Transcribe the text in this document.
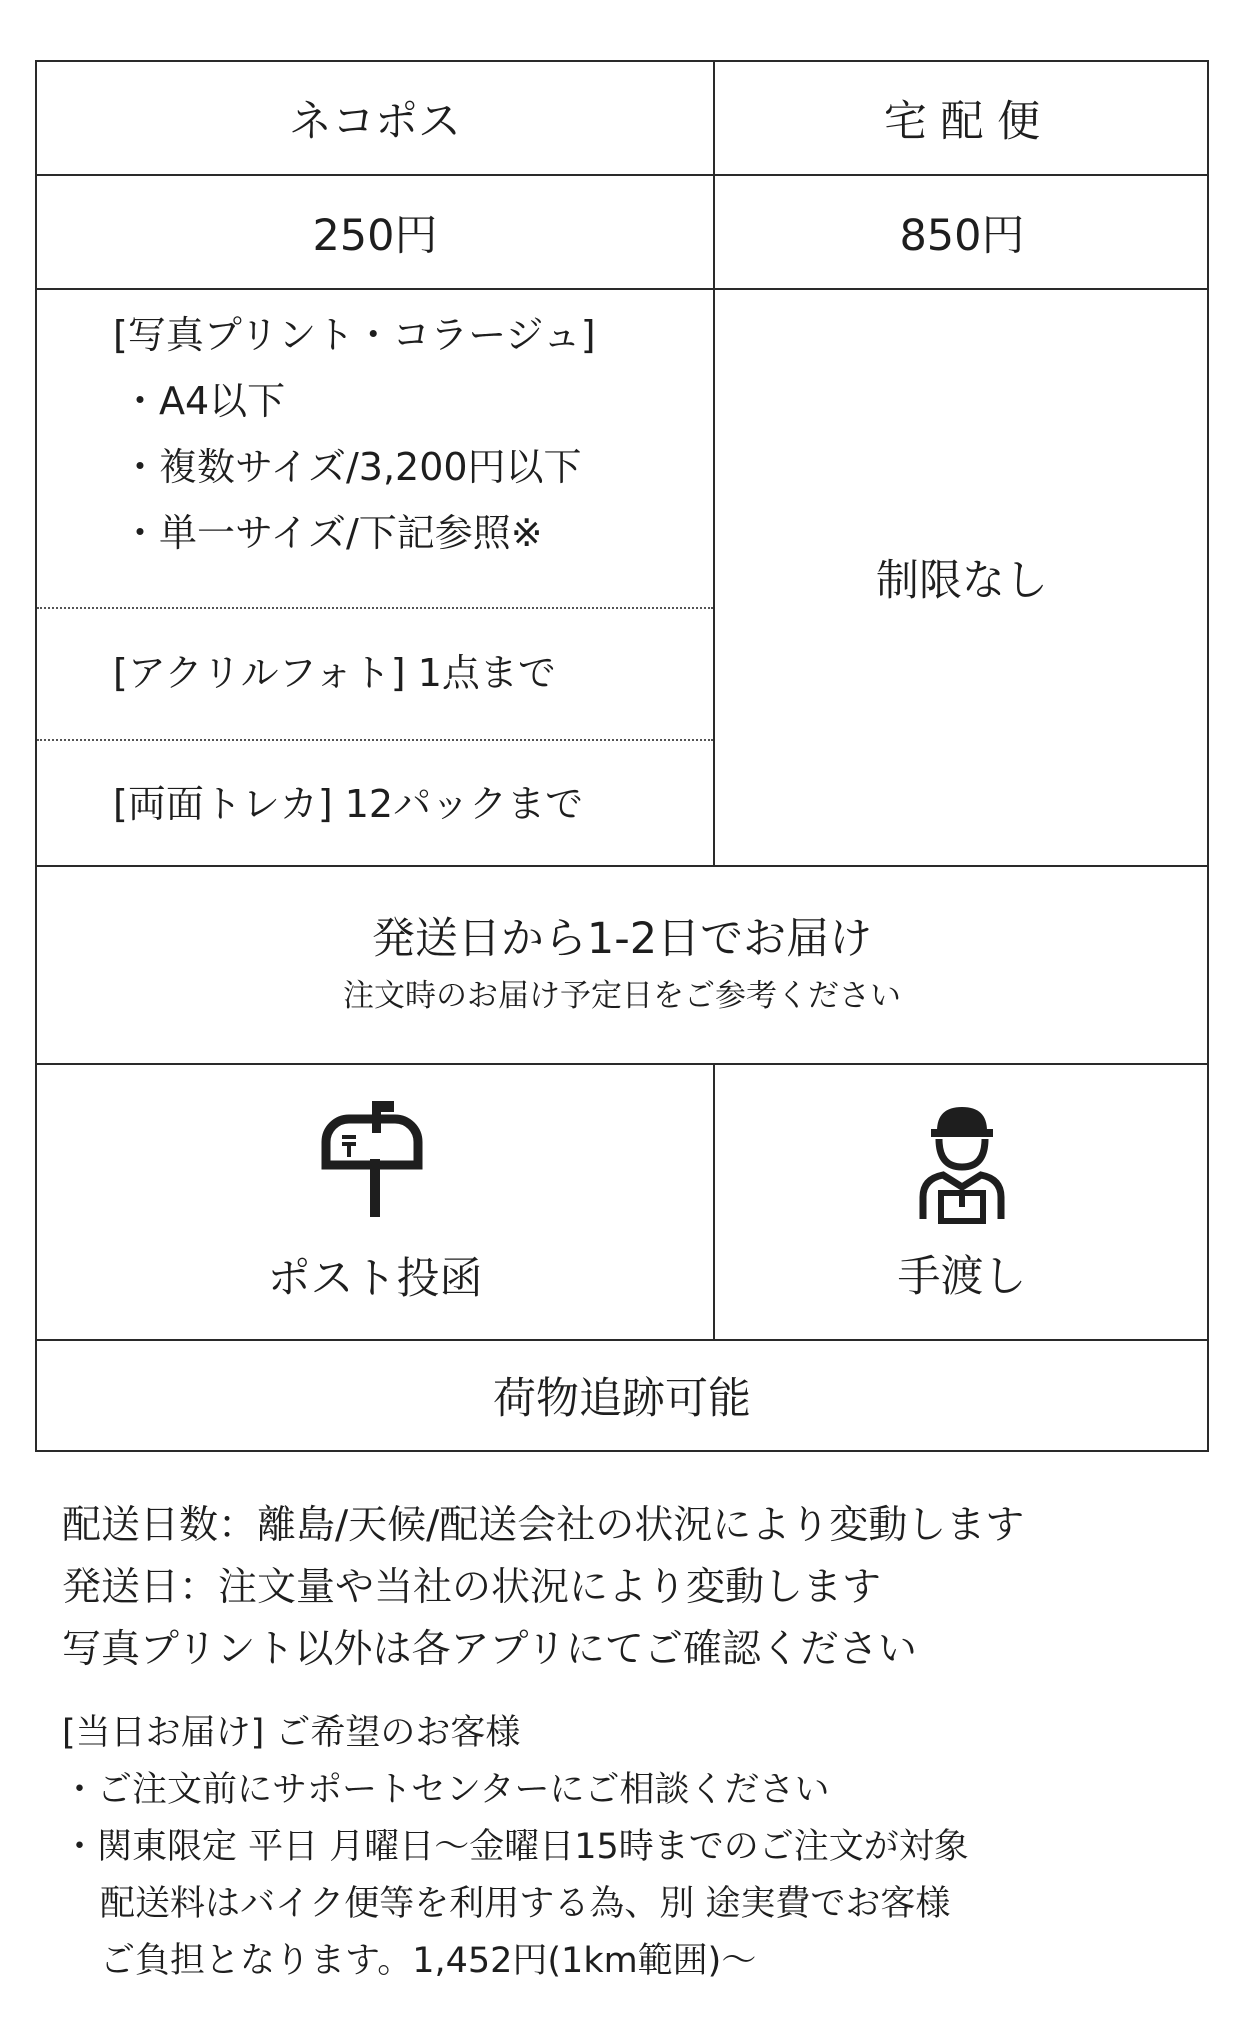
ネコポス	宅 配 便
250円	850円
[写真プリント・コラージュ]
・A4以下
・複数サイズ/3,200円以下
・単一サイズ/下記参照※
[アクリルフォト] 1点まで
[両面トレカ] 12パックまで
制限なし
発送日から1-2日でお届け
注文時のお届け予定日をご参考ください
ポスト投函	手渡し
荷物追跡可能
配送日数：離島/天候/配送会社の状況により変動します
発送日：注文量や当社の状況により変動します
写真プリント以外は各アプリにてご確認ください
[当日お届け] ご希望のお客様
・ご注文前にサポートセンターにご相談ください
・関東限定 平日 月曜日〜金曜日15時までのご注文が対象
配送料はバイク便等を利用する為、別 途実費でお客様
ご負担となります。1,452円(1km範囲)〜
